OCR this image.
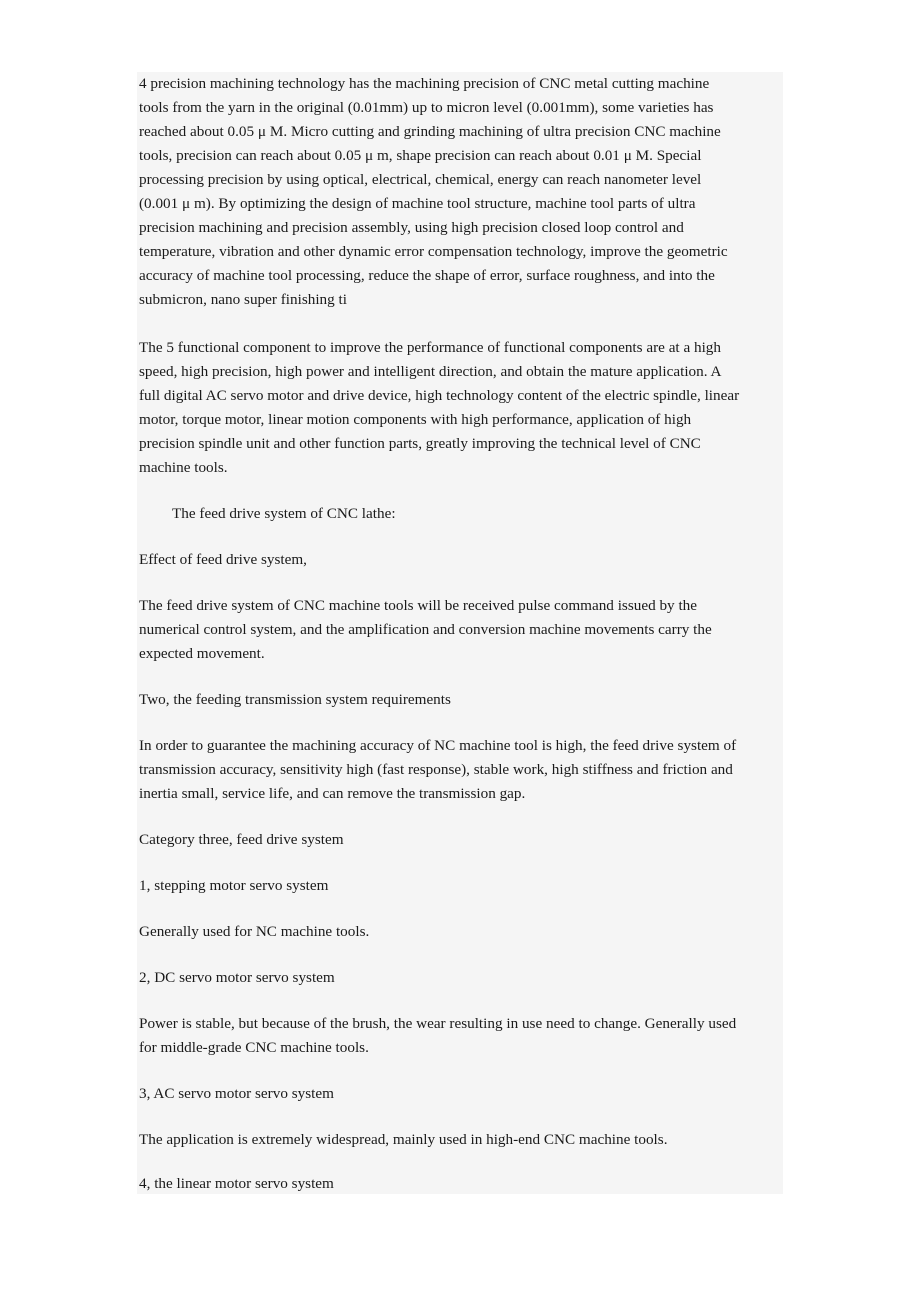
4 precision machining technology has the machining precision of CNC metal cutting machine
tools from the yarn in the original (0.01mm) up to micron level (0.001mm), some varieties has
reached about 0.05 μ M. Micro cutting and grinding machining of ultra precision CNC machine
tools, precision can reach about 0.05 μ m, shape precision can reach about 0.01 μ M. Special
processing precision by using optical, electrical, chemical, energy can reach nanometer level
(0.001 μ m). By optimizing the design of machine tool structure, machine tool parts of ultra
precision machining and precision assembly, using high precision closed loop control and
temperature, vibration and other dynamic error compensation technology, improve the geometric
accuracy of machine tool processing, reduce the shape of error, surface roughness, and into the
submicron, nano super finishing ti

The 5 functional component to improve the performance of functional components are at a high
speed, high precision, high power and intelligent direction, and obtain the mature application. A
full digital AC servo motor and drive device, high technology content of the electric spindle, linear
motor, torque motor, linear motion components with high performance, application of high
precision spindle unit and other function parts, greatly improving the technical level of CNC
machine tools.

The feed drive system of CNC lathe:

Effect of feed drive system,

The feed drive system of CNC machine tools will be received pulse command issued by the
numerical control system, and the amplification and conversion machine movements carry the
expected movement.

Two, the feeding transmission system requirements

In order to guarantee the machining accuracy of NC machine tool is high, the feed drive system of
transmission accuracy, sensitivity high (fast response), stable work, high stiffness and friction and
inertia small, service life, and can remove the transmission gap.

Category three, feed drive system

1, stepping motor servo system

Generally used for NC machine tools.

2, DC servo motor servo system

Power is stable, but because of the brush, the wear resulting in use need to change. Generally used
for middle-grade CNC machine tools.

3, AC servo motor servo system

The application is extremely widespread, mainly used in high-end CNC machine tools.

4, the linear motor servo system
